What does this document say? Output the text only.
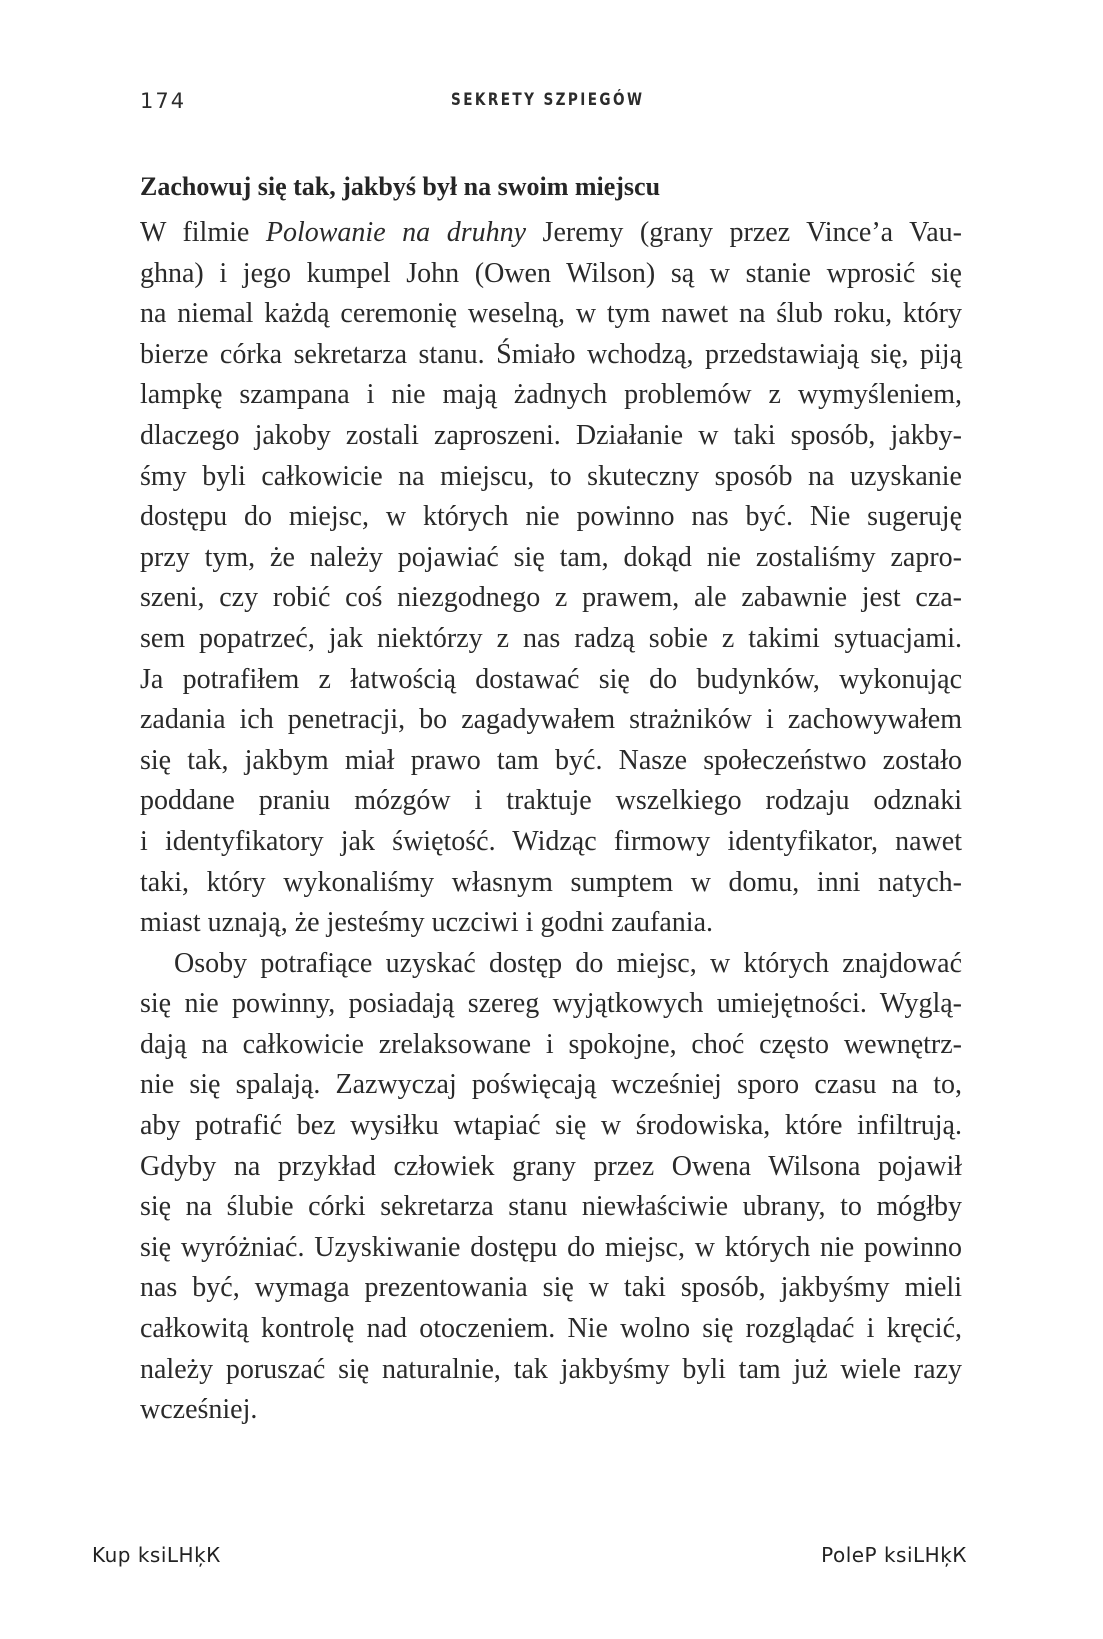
174	SEKRETY SZPIEGÓW
Zachowuj się tak, jakbyś był na swoim miejscu

W filmie Polowanie na druhny Jeremy (grany przez Vince’a Vau-
ghna) i jego kumpel John (Owen Wilson) są w stanie wprosić się
na niemal każdą ceremonię weselną, w tym nawet na ślub roku, który
bierze córka sekretarza stanu. Śmiało wchodzą, przedstawiają się, piją
lampkę szampana i nie mają żadnych problemów z wymyśleniem,
dlaczego jakoby zostali zaproszeni. Działanie w taki sposób, jakby-
śmy byli całkowicie na miejscu, to skuteczny sposób na uzyskanie
dostępu do miejsc, w których nie powinno nas być. Nie sugeruję
przy tym, że należy pojawiać się tam, dokąd nie zostaliśmy zapro-
szeni, czy robić coś niezgodnego z prawem, ale zabawnie jest cza-
sem popatrzeć, jak niektórzy z nas radzą sobie z takimi sytuacjami.
Ja potrafiłem z łatwością dostawać się do budynków, wykonując
zadania ich penetracji, bo zagadywałem strażników i zachowywałem
się tak, jakbym miał prawo tam być. Nasze społeczeństwo zostało
poddane praniu mózgów i traktuje wszelkiego rodzaju odznaki
i identyfikatory jak świętość. Widząc firmowy identyfikator, nawet
taki, który wykonaliśmy własnym sumptem w domu, inni natych-
miast uznają, że jesteśmy uczciwi i godni zaufania.

Osoby potrafiące uzyskać dostęp do miejsc, w których znajdować
się nie powinny, posiadają szereg wyjątkowych umiejętności. Wyglą-
dają na całkowicie zrelaksowane i spokojne, choć często wewnętrz-
nie się spalają. Zazwyczaj poświęcają wcześniej sporo czasu na to,
aby potrafić bez wysiłku wtapiać się w środowiska, które infiltrują.
Gdyby na przykład człowiek grany przez Owena Wilsona pojawił
się na ślubie córki sekretarza stanu niewłaściwie ubrany, to mógłby
się wyróżniać. Uzyskiwanie dostępu do miejsc, w których nie powinno
nas być, wymaga prezentowania się w taki sposób, jakbyśmy mieli
całkowitą kontrolę nad otoczeniem. Nie wolno się rozglądać i kręcić,
należy poruszać się naturalnie, tak jakbyśmy byli tam już wiele razy
wcześniej.

Kup ksiLНķК	PoleP ksiLНķК
